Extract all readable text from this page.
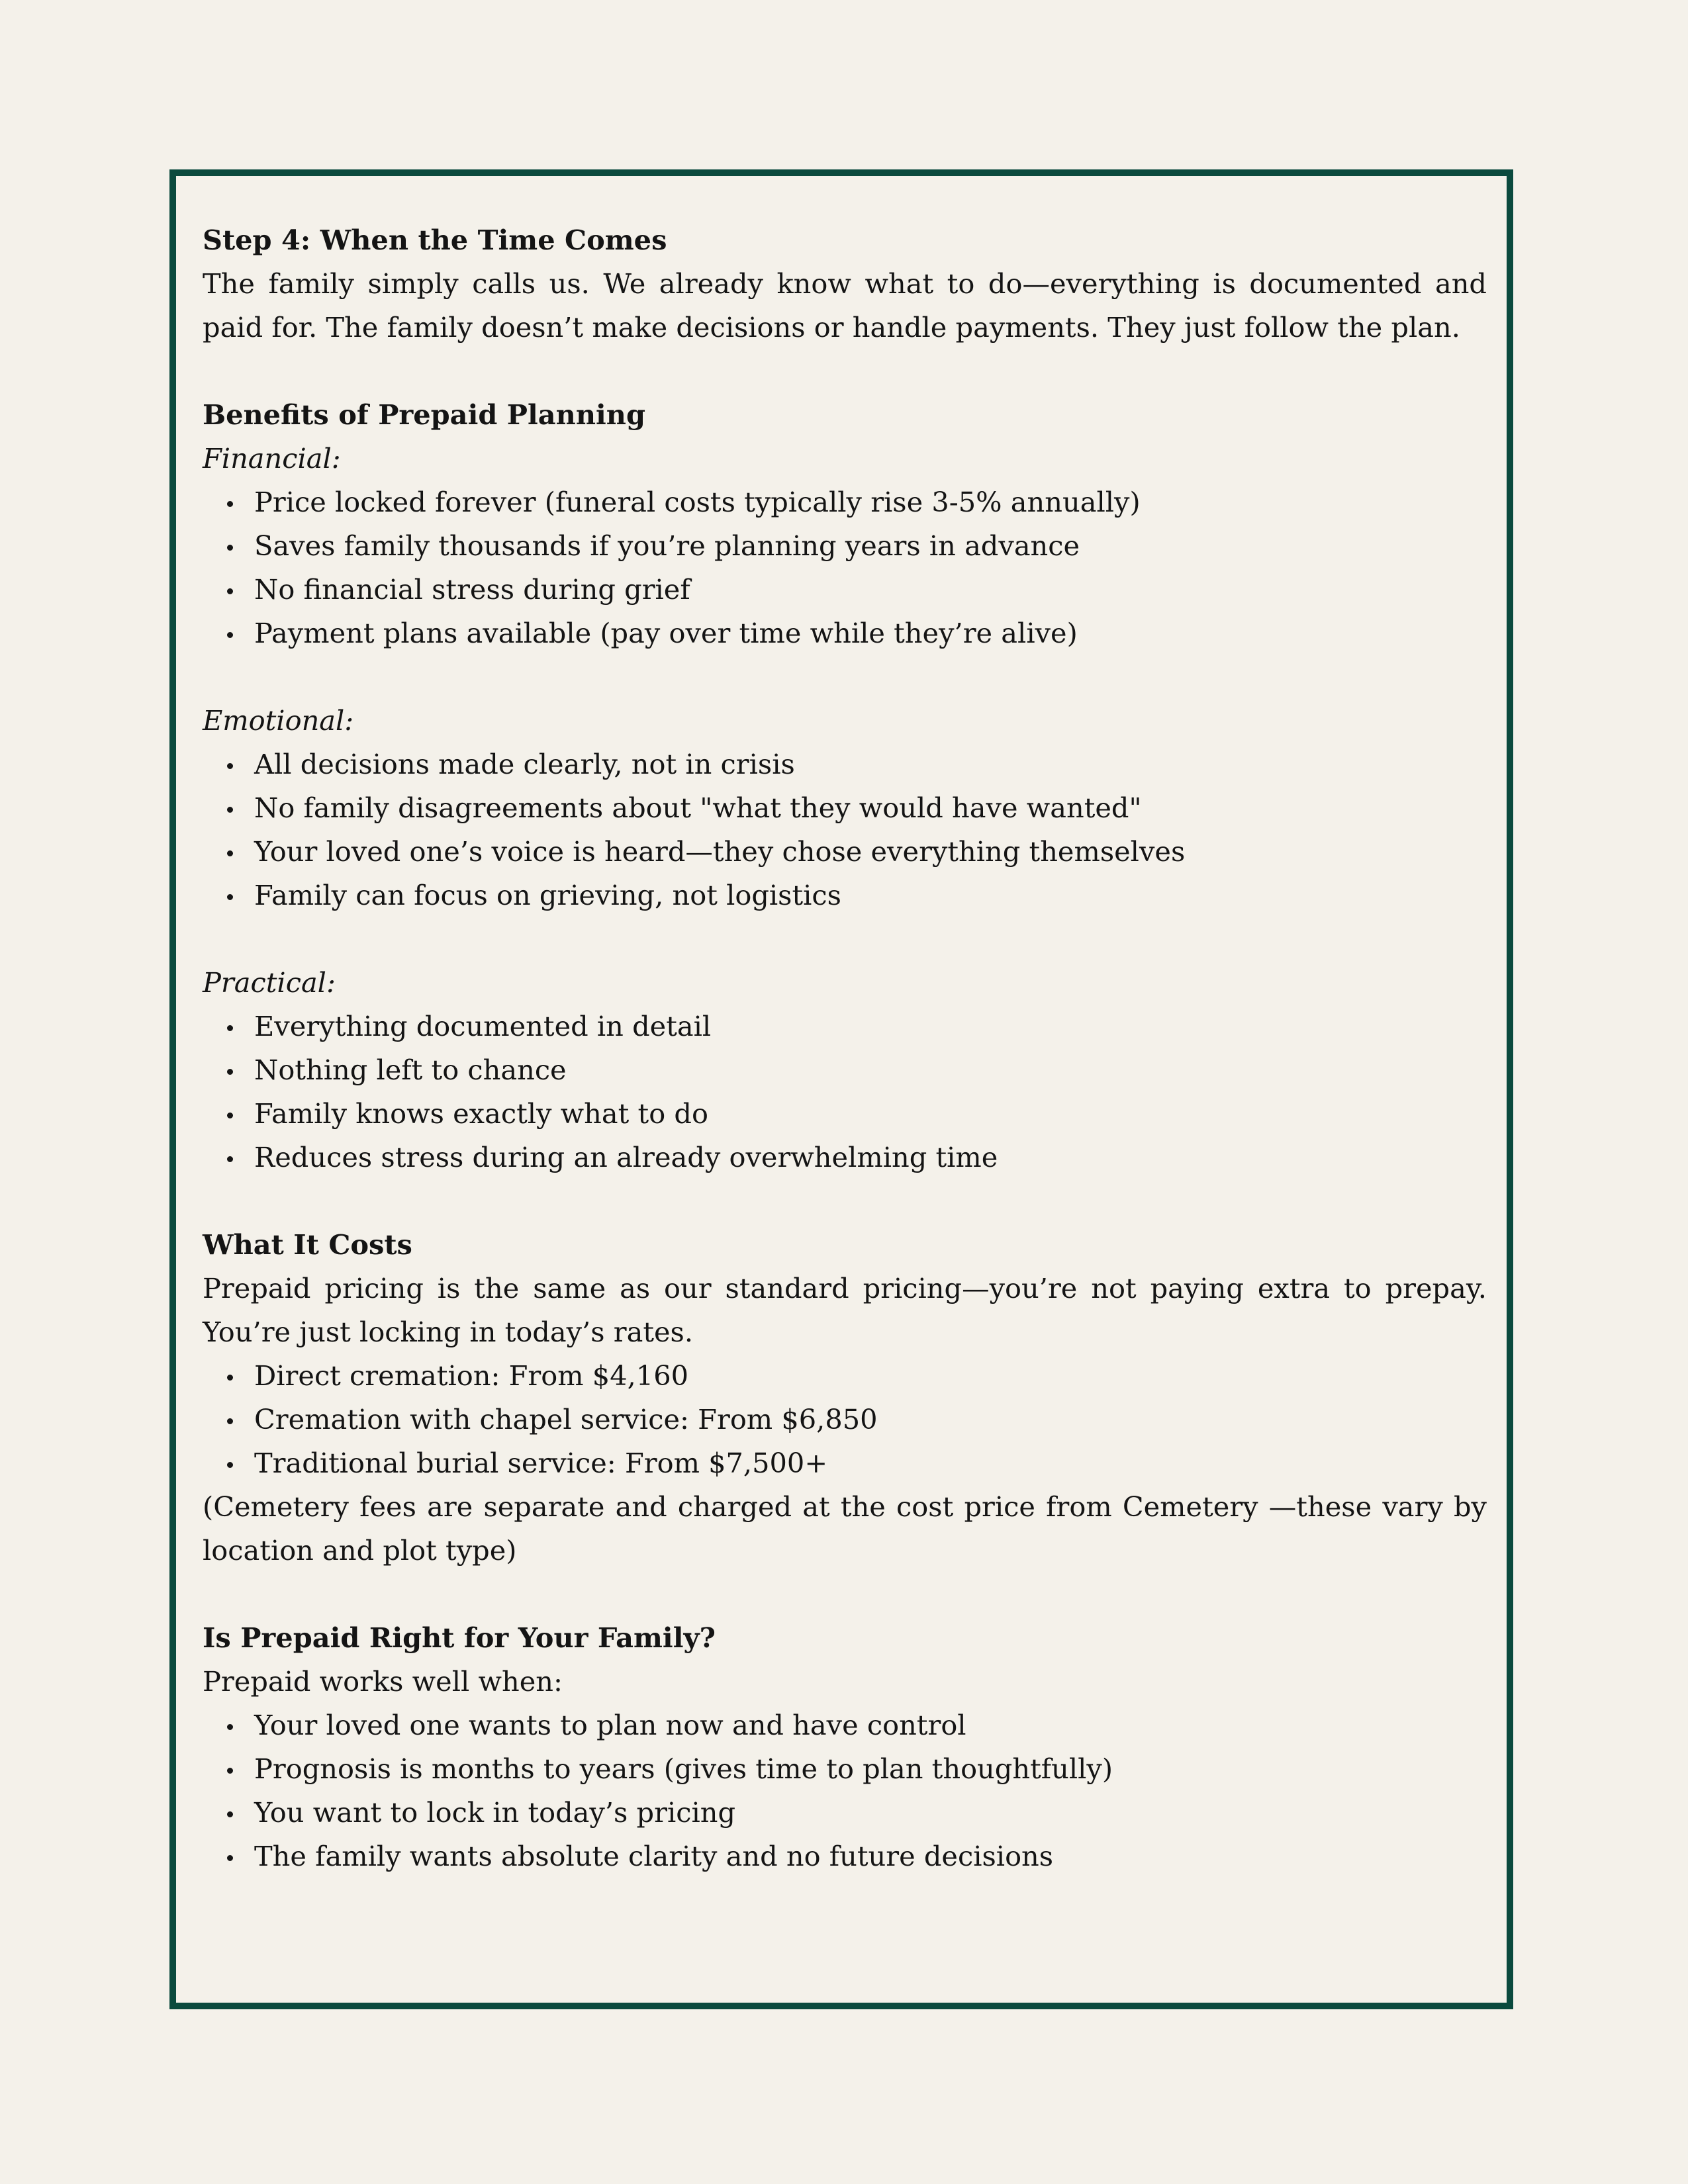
Step 4: When the Time Comes

The family simply calls us. We already know what to do—everything is documented and paid for. The family doesn’t make decisions or handle payments. They just follow the plan.

Benefits of Prepaid Planning

Financial:

Price locked forever (funeral costs typically rise 3-5% annually)
Saves family thousands if you’re planning years in advance
No financial stress during grief
Payment plans available (pay over time while they’re alive)

Emotional:

All decisions made clearly, not in crisis
No family disagreements about "what they would have wanted"
Your loved one’s voice is heard—they chose everything themselves
Family can focus on grieving, not logistics

Practical:

Everything documented in detail
Nothing left to chance
Family knows exactly what to do
Reduces stress during an already overwhelming time

What It Costs

Prepaid pricing is the same as our standard pricing—you’re not paying extra to prepay. You’re just locking in today’s rates.

Direct cremation: From $4,160
Cremation with chapel service: From $6,850
Traditional burial service: From $7,500+

(Cemetery fees are separate and charged at the cost price from Cemetery —these vary by location and plot type)

Is Prepaid Right for Your Family?

Prepaid works well when:

Your loved one wants to plan now and have control
Prognosis is months to years (gives time to plan thoughtfully)
You want to lock in today’s pricing
The family wants absolute clarity and no future decisions
